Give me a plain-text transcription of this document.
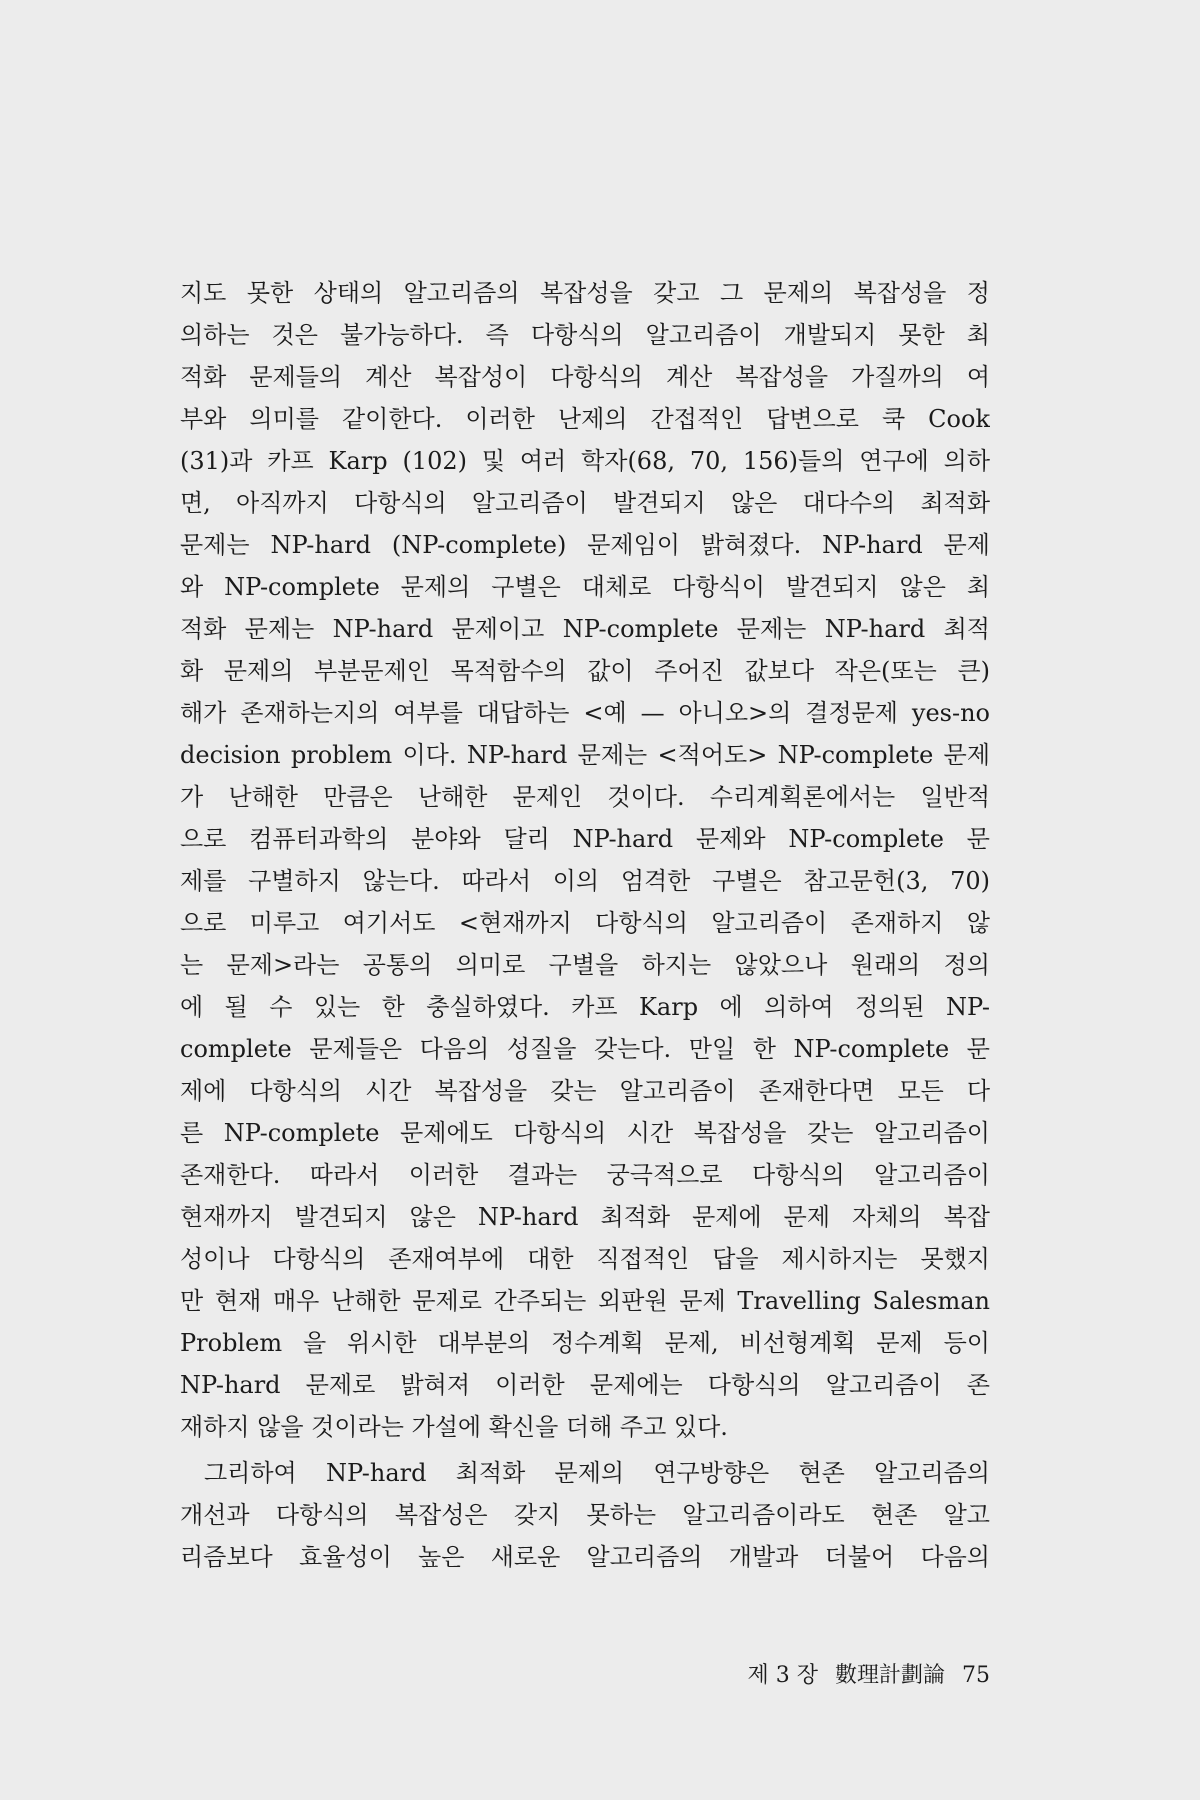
지도 못한 상태의 알고리즘의 복잡성을 갖고 그 문제의 복잡성을 정
의하는 것은 불가능하다. 즉 다항식의 알고리즘이 개발되지 못한 최
적화 문제들의 계산 복잡성이 다항식의 계산 복잡성을 가질까의 여
부와 의미를 같이한다. 이러한 난제의 간접적인 답변으로 쿡 Cook
(31)과 카프 Karp (102) 및 여러 학자(68, 70, 156)들의 연구에 의하
면, 아직까지 다항식의 알고리즘이 발견되지 않은 대다수의 최적화
문제는 NP-hard (NP-complete) 문제임이 밝혀졌다. NP-hard 문제
와 NP-complete 문제의 구별은 대체로 다항식이 발견되지 않은 최
적화 문제는 NP-hard 문제이고 NP-complete 문제는 NP-hard 최적
화 문제의 부분문제인 목적함수의 값이 주어진 값보다 작은(또는 큰)
해가 존재하는지의 여부를 대답하는 <예 — 아니오>의 결정문제 yes-no
decision problem 이다. NP-hard 문제는 <적어도> NP-complete 문제
가 난해한 만큼은 난해한 문제인 것이다. 수리계획론에서는 일반적
으로 컴퓨터과학의 분야와 달리 NP-hard 문제와 NP-complete 문
제를 구별하지 않는다. 따라서 이의 엄격한 구별은 참고문헌(3, 70)
으로 미루고 여기서도 <현재까지 다항식의 알고리즘이 존재하지 않
는 문제>라는 공통의 의미로 구별을 하지는 않았으나 원래의 정의
에 될 수 있는 한 충실하였다. 카프 Karp 에 의하여 정의된 NP-
complete 문제들은 다음의 성질을 갖는다. 만일 한 NP-complete 문
제에 다항식의 시간 복잡성을 갖는 알고리즘이 존재한다면 모든 다
른 NP-complete 문제에도 다항식의 시간 복잡성을 갖는 알고리즘이
존재한다. 따라서 이러한 결과는 궁극적으로 다항식의 알고리즘이
현재까지 발견되지 않은 NP-hard 최적화 문제에 문제 자체의 복잡
성이나 다항식의 존재여부에 대한 직접적인 답을 제시하지는 못했지
만 현재 매우 난해한 문제로 간주되는 외판원 문제 Travelling Salesman
Problem 을 위시한 대부분의 정수계획 문제, 비선형계획 문제 등이
NP-hard 문제로 밝혀져 이러한 문제에는 다항식의 알고리즘이 존
재하지 않을 것이라는 가설에 확신을 더해 주고 있다.
그리하여 NP-hard 최적화 문제의 연구방향은 현존 알고리즘의
개선과 다항식의 복잡성은 갖지 못하는 알고리즘이라도 현존 알고
리즘보다 효율성이 높은 새로운 알고리즘의 개발과 더불어 다음의
제 3 장 數理計劃論 75
